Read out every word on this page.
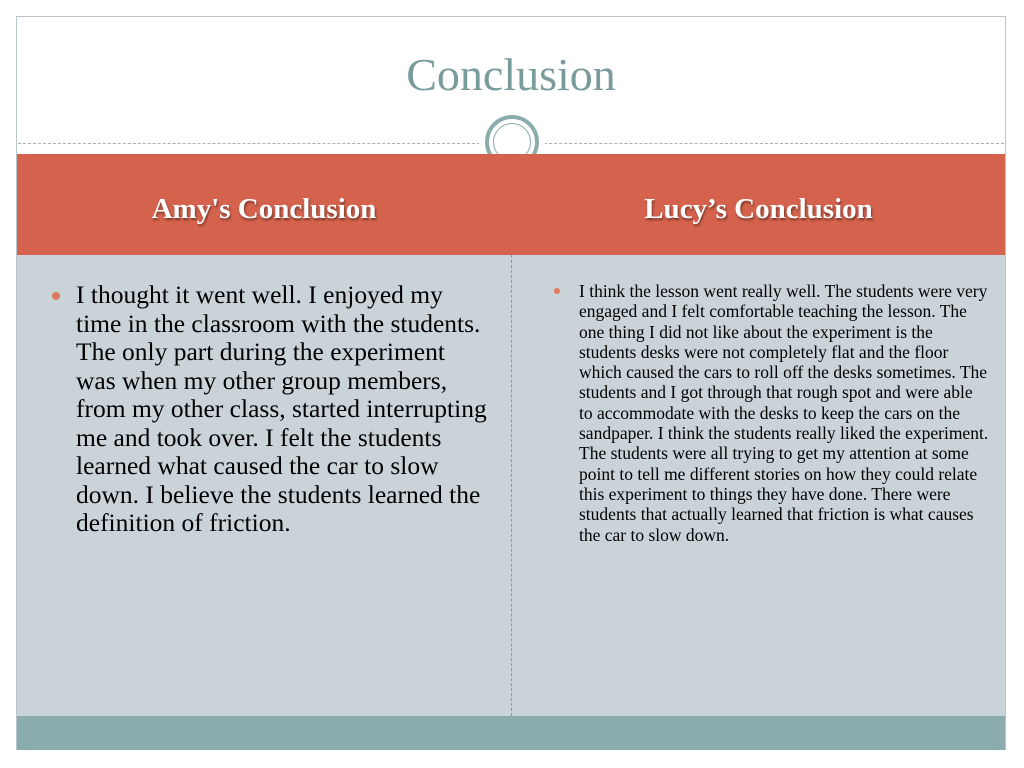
Conclusion
Amy's Conclusion	Lucy’s Conclusion
I thought it went well. I enjoyed my time in the classroom with the students. The only part during the experiment was when my other group members, from my other class, started interrupting me and took over. I felt the students learned what caused the car to slow down. I believe the students learned the definition of friction.
I think the lesson went really well. The students were very engaged and I felt comfortable teaching the lesson. The one thing I did not like about the experiment is the students desks were not completely flat and the floor which caused the cars to roll off the desks sometimes. The students and I got through that rough spot and were able to accommodate with the desks to keep the cars on the sandpaper. I think the students really liked the experiment. The students were all trying to get my attention at some point to tell me different stories on how they could relate this experiment to things they have done. There were students that actually learned that friction is what causes the car to slow down.
